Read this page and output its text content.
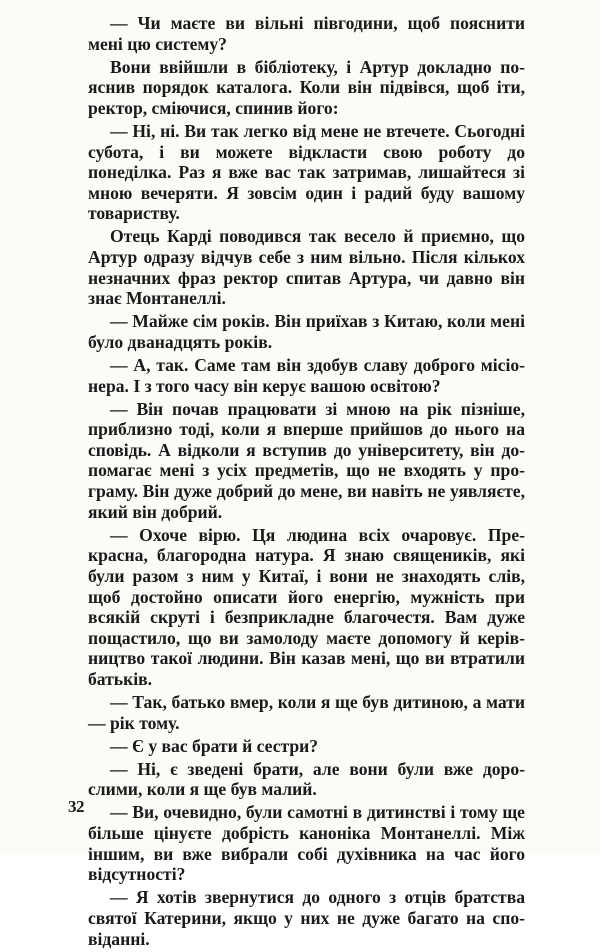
— Чи маєте ви вільні півгодини, щоб пояснити мені цю систему?

Вони ввійшли в бібліотеку, і Артур докладно пояснив порядок каталога. Коли він підвівся, щоб іти, ректор, сміючися, спинив його:

— Ні, ні. Ви так легко від мене не втечете. Сьогодні субота, і ви можете відкласти свою роботу до понеділка. Раз я вже вас так затримав, лишайтеся зі мною вечеряти. Я зовсім один і радий буду вашому товариству.

Отець Карді поводився так весело й приємно, що Артур одразу відчув себе з ним вільно. Після кількох незначних фраз ректор спитав Артура, чи давно він знає Монтанеллі.

— Майже сім років. Він приїхав з Китаю, коли мені було дванадцять років.

— А, так. Саме там він здобув славу доброго місіонера. І з того часу він керує вашою освітою?

— Він почав працювати зі мною на рік пізніше, приблизно тоді, коли я вперше прийшов до нього на сповідь. А відколи я вступив до університету, він допомагає мені з усіх предметів, що не входять у програму. Він дуже добрий до мене, ви навіть не уявляєте, який він добрий.

— Охоче вірю. Ця людина всіх очаровує. Прекрасна, благородна натура. Я знаю священиків, які були разом з ним у Китаї, і вони не знаходять слів, щоб достойно описати його енергію, мужність при всякій скруті і безприкладне благочестя. Вам дуже пощастило, що ви замолоду маєте допомогу й керівництво такої людини. Він казав мені, що ви втратили батьків.

— Так, батько вмер, коли я ще був дитиною, а мати — рік тому.

— Є у вас брати й сестри?

— Ні, є зведені брати, але вони були вже дорослими, коли я ще був малий.

— Ви, очевидно, були самотні в дитинстві і тому ще більше цінуєте добрість каноніка Монтанеллі. Між іншим, ви вже вибрали собі духівника на час його відсутності?

— Я хотів звернутися до одного з отців братства святої Катерини, якщо у них не дуже багато на сповіданні.

32
